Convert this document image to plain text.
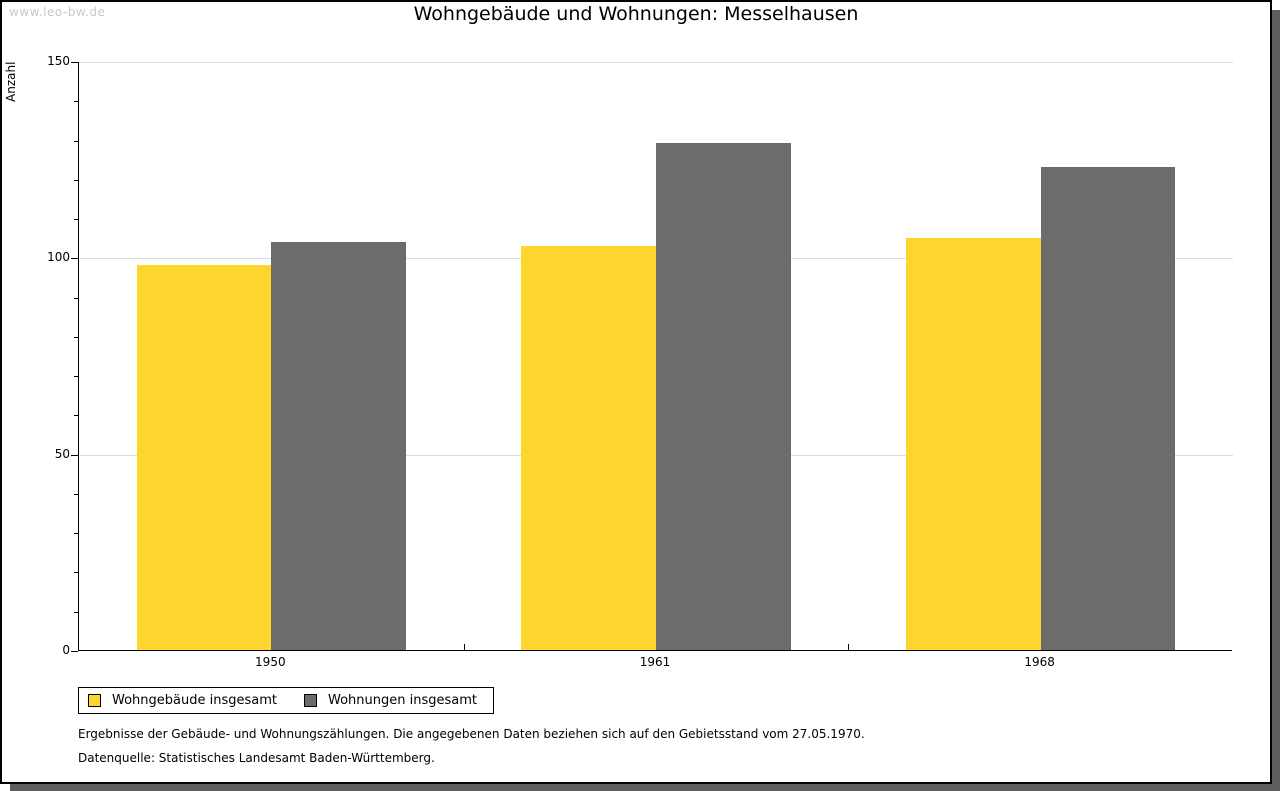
www.leo-bw.de	Wohngebäude und Wohnungen: Messelhausen
Anzahl
0
50
100
150
1950	1961	1968
Wohngebäude insgesamt	Wohnungen insgesamt
Ergebnisse der Gebäude- und Wohnungszählungen. Die angegebenen Daten beziehen sich auf den Gebietsstand vom 27.05.1970.
Datenquelle: Statistisches Landesamt Baden-Württemberg.
